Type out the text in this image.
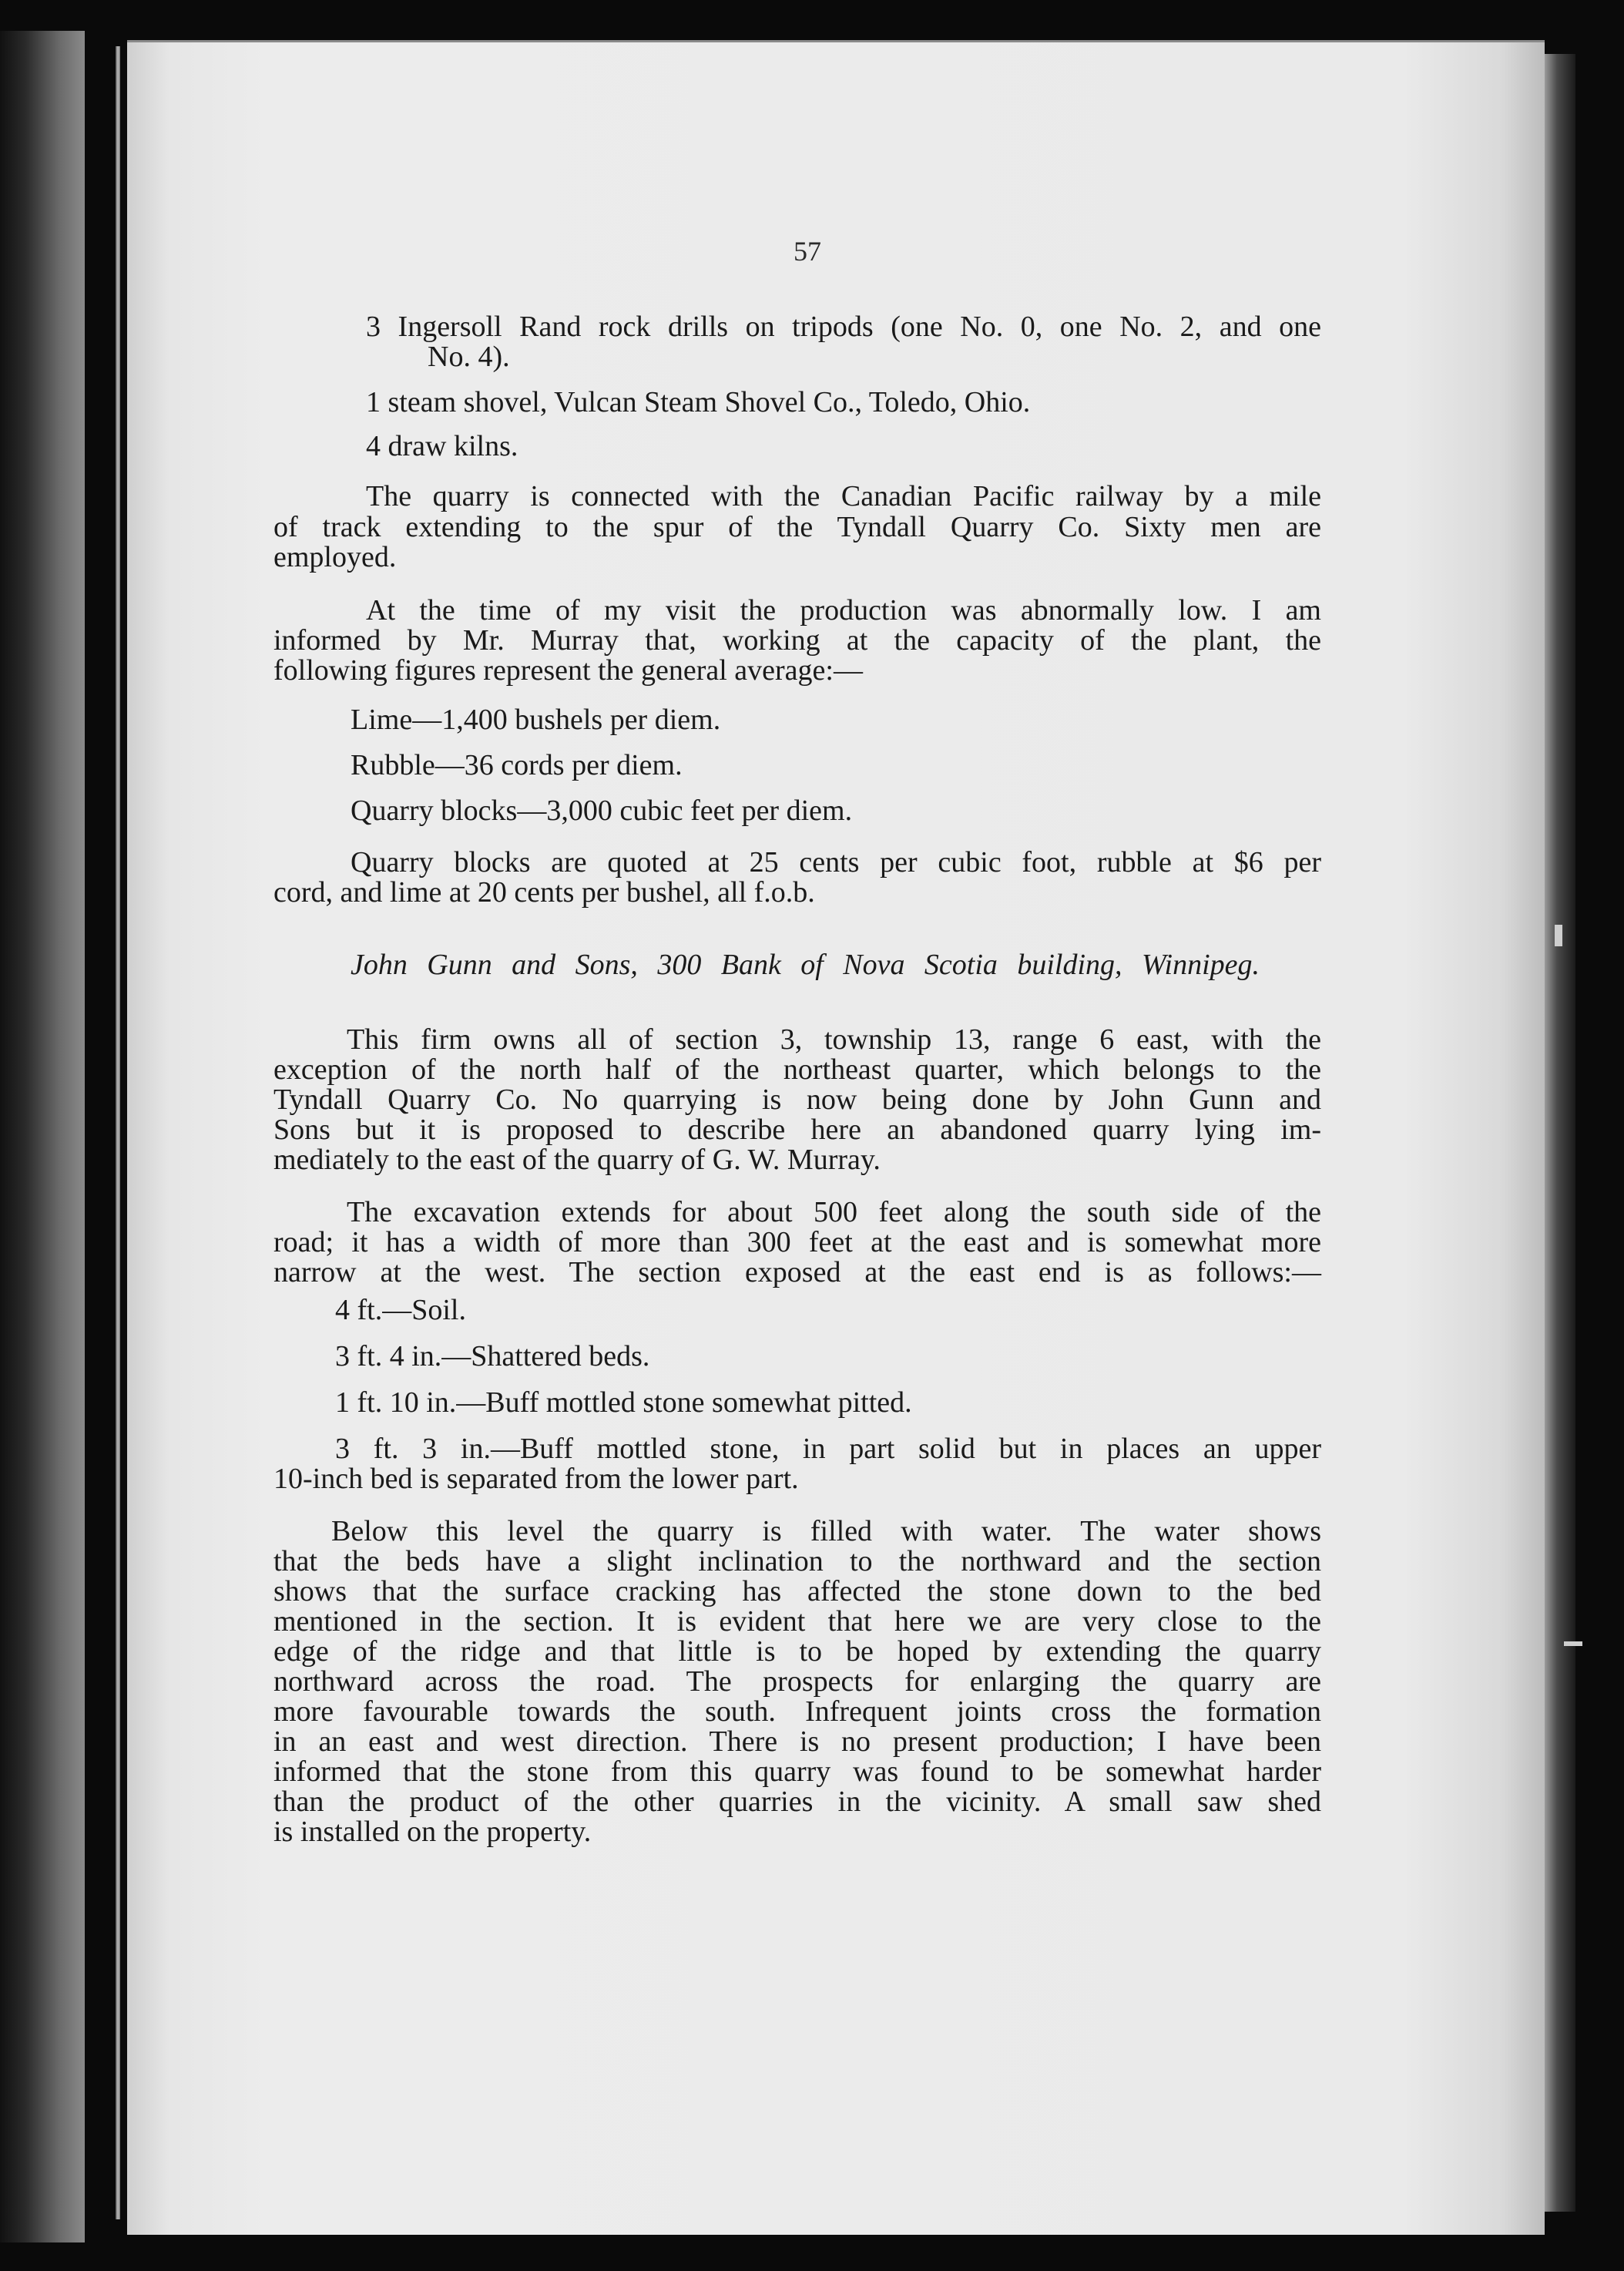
57
3 Ingersoll Rand rock drills on tripods (one No. 0, one No. 2, and one
No. 4).
1 steam shovel, Vulcan Steam Shovel Co., Toledo, Ohio.
4 draw kilns.
The quarry is connected with the Canadian Pacific railway by a mile
of track extending to the spur of the Tyndall Quarry Co. Sixty men are
employed.
At the time of my visit the production was abnormally low. I am
informed by Mr. Murray that, working at the capacity of the plant, the
following figures represent the general average:—
Lime—1,400 bushels per diem.
Rubble—36 cords per diem.
Quarry blocks—3,000 cubic feet per diem.
Quarry blocks are quoted at 25 cents per cubic foot, rubble at $6 per
cord, and lime at 20 cents per bushel, all f.o.b.
John Gunn and Sons, 300 Bank of Nova Scotia building, Winnipeg.
This firm owns all of section 3, township 13, range 6 east, with the
exception of the north half of the northeast quarter, which belongs to the
Tyndall Quarry Co. No quarrying is now being done by John Gunn and
Sons but it is proposed to describe here an abandoned quarry lying im-
mediately to the east of the quarry of G. W. Murray.
The excavation extends for about 500 feet along the south side of the
road; it has a width of more than 300 feet at the east and is somewhat more
narrow at the west. The section exposed at the east end is as follows:—
4 ft.—Soil.
3 ft. 4 in.—Shattered beds.
1 ft. 10 in.—Buff mottled stone somewhat pitted.
3 ft. 3 in.—Buff mottled stone, in part solid but in places an upper
10-inch bed is separated from the lower part.
Below this level the quarry is filled with water. The water shows
that the beds have a slight inclination to the northward and the section
shows that the surface cracking has affected the stone down to the bed
mentioned in the section. It is evident that here we are very close to the
edge of the ridge and that little is to be hoped by extending the quarry
northward across the road. The prospects for enlarging the quarry are
more favourable towards the south. Infrequent joints cross the formation
in an east and west direction. There is no present production; I have been
informed that the stone from this quarry was found to be somewhat harder
than the product of the other quarries in the vicinity. A small saw shed
is installed on the property.
